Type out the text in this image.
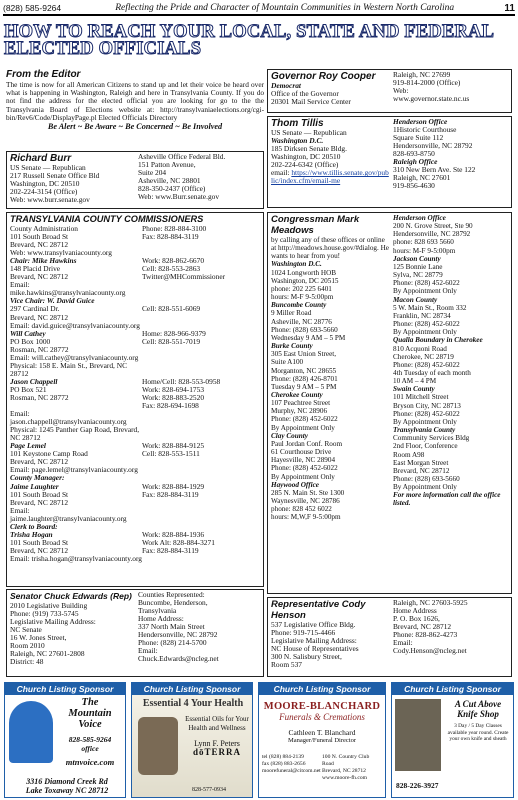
(828) 585-9264	Reflecting the Pride and Character of Mountain Communities in Western North Carolina	11
HOW TO REACH YOUR LOCAL, STATE AND FEDERAL ELECTED OFFICIALS
From the Editor
The time is now for all American Citizens to stand up and let their voice be heard over what is happening in Washington, Raleigh and here in Transylvania County. If you do not find the address for the elected official you are looking for go to the the Transylvania Board of Elections website at: http://transylvaniaelections.org/cgi-bin/Rev6/Code/DisplayPage.pl Elected Officials Directory
Be Alert ~ Be Aware ~ Be Concerned ~ Be Involved
Richard Burr
US Senate — Republican
217 Russell Senate Office Bld
Washington, DC 20510
202-224-3154 (Office)
Web: www.burr.senate.gov
Asheville Office Federal Bld.
151 Patton Avenue,
Suite 204
Asheville, NC 28801
828-350-2437 (Office)
Web: www.Burr.senate.gov
TRANSYLVANIA COUNTY COMMISSIONERS
County Administration	Phone: 828-884-3100
101 South Broad St	Fax: 828-884-3119
Brevard, NC 28712
Web: www.transylvaniacounty.org
Chair: Mike Hawkins	Work: 828-862-6670
148 Placid Drive	Cell: 828-553-2863
Brevard, NC 28712	Twitter@MHCommissioner
Email: mike.hawkins@transylvaniacounty.org
Vice Chair: W. David Guice
297 Cardinal Dr.	Cell: 828-551-6069
Brevard, NC 28712
Email: david.guice@transylvaniacounty.org
Will Cathey	Home: 828-966-9379
PO Box 1000	Cell: 828-551-7019
Rosman, NC 28772
Email: will.cathey@transylvaniacounty.org
Physical: 158 E. Main St., Brevard, NC 28712
Jason Chappell	Home/Cell: 828-553-0958
PO Box 521	Work: 828-694-1753
Rosman, NC 28772	Work: 828-883-2520
Fax: 828-694-1698
Email: jason.chappell@transylvaniacounty.org
Physical: 1245 Panther Gap Road, Brevard, NC 28712
Page Lemel	Work: 828-884-9125
101 Keystone Camp Road	Cell: 828-553-1511
Brevard, NC 28712
Email: page.lemel@transylvaniacounty.org
County Manager:
Jaime Laughter	Work: 828-884-1929
101 South Broad St	Fax: 828-884-3119
Brevard, NC 28712
Email: jaime.laughter@transylvaniacounty.org
Clerk to Board:
Trisha Hogan	Work: 828-884-1936
101 South Broad St	Work Alt: 828-884-3271
Brevard, NC 28712	Fax: 828-884-3119
Email: trisha.hogan@transylvaniacounty.org
Senator Chuck Edwards (Rep)
2010 Legislative Building
Phone: (919) 733-5745
Legislative Mailing Address:
NC Senate
16 W. Jones Street,
Room 2010
Raleigh, NC 27601-2808
District: 48
Counties Represented:
Buncombe, Henderson,
Transylvania
Home Address:
337 North Main Street
Hendersonville, NC 28792
Phone: (828) 214-5700
Email:
Chuck.Edwards@ncleg.net
Governor Roy Cooper
Democrat
Office of the Governor
20301 Mail Service Center
Raleigh, NC 27699
919-814-2000 (Office)
Web:
www.governor.state.nc.us
Thom Tillis
US Senate — Republican
Washington D.C.
185 Dirksen Senate Bldg.
Washington, DC 20510
202-224-6342 (Office)
email: https://www.tillis.senate.gov/public/index.cfm/email-me
Henderson Office
1Historic Courthouse
Square Suite 112
Hendersonville, NC 28792
828-693-8750
Raleigh Office
310 New Bern Ave. Ste 122
Raleigh, NC 27601
919-856-4630
Congressman Mark Meadows
by calling any of these offices or online at http://meadows.house.gov/#dialog. He wants to hear from you!
Washington D.C.
1024 Longworth HOB
Washington, DC 20515
phone: 202 225 6401
hours: M-F 9-5:00pm
Buncombe County
9 Miller Road
Asheville, NC 28776
Phone: (828) 693-5660
Wednesday 9 AM – 5 PM
Burke County
305 East Union Street,
Suite A100
Morganton, NC 28655
Phone: (828) 426-8701
Tuesday 9 AM – 5 PM
Cherokee County
107 Peachtree Street
Murphy, NC 28906
Phone: (828) 452-6022
By Appointment Only
Clay County
Paul Jordan Conf. Room
61 Courthouse Drive
Hayesville, NC 28904
Phone: (828) 452-6022
By Appointment Only
Haywood Office
285 N. Main St. Ste 1300
Waynesville, NC 28786
phone: 828 452 6022
hours: M,W,F 9-5:00pm
Henderson Office
200 N. Grove Street, Ste 90
Hendersonville, NC 28792
phone: 828 693 5660
hours: M-F 9-5:00pm
Jackson County
125 Bonnie Lane
Sylva, NC 28779
Phone: (828) 452-6022
By Appointment Only
Macon County
5 W. Main St., Room 332
Franklin, NC 28734
Phone: (828) 452-6022
By Appointment Only
Qualla Boundary in Cherokee
810 Acquoni Road
Cherokee, NC 28719
Phone: (828) 452-6022
4th Tuesday of each month
10 AM – 4 PM
Swain County
101 Mitchell Street
Bryson City, NC 28713
Phone: (828) 452-6022
By Appointment Only
Transylvania County
Community Services Bldg
2nd Floor, Conference
Room A98
East Morgan Street
Brevard, NC 28712
Phone: (828) 693-5660
By Appointment Only
For more information call the office listed.
Representative Cody Henson
537 Legislative Office Bldg.
Phone: 919-715-4466
Legislative Mailing Address:
NC House of Representatives
300 N. Salisbury Street,
Room 537
Raleigh, NC 27603-5925
Home Address
P. O. Box 1626,
Brevard, NC 28712
Phone: 828-862-4273
Email:
Cody.Henson@ncleg.net
Church Listing Sponsor
The
Mountain
Voice
828-585-9264
office
mtnvoice.com
3316 Diamond Creek Rd
Lake Toxaway NC 28712
Church Listing Sponsor
Essential 4 Your Health
Essential Oils for Your
Health and Wellness
Lynn F. Peters
dōTERRA
828-577-0934
Church Listing Sponsor
MOORE-BLANCHARD
Funerals & Cremations
Cathleen T. Blanchard
Manager/Funeral Director
tel (828) 884-2139
fax (828) 883-2656
moorefuneral@citcom.net
100 N. Country Club Road
Brevard, NC 28712
www.moore-fh.com
Church Listing Sponsor
A Cut Above
Knife Shop
3 Day / 5 Day Classes available year round. Create your own knife and sheath
828-226-3927
